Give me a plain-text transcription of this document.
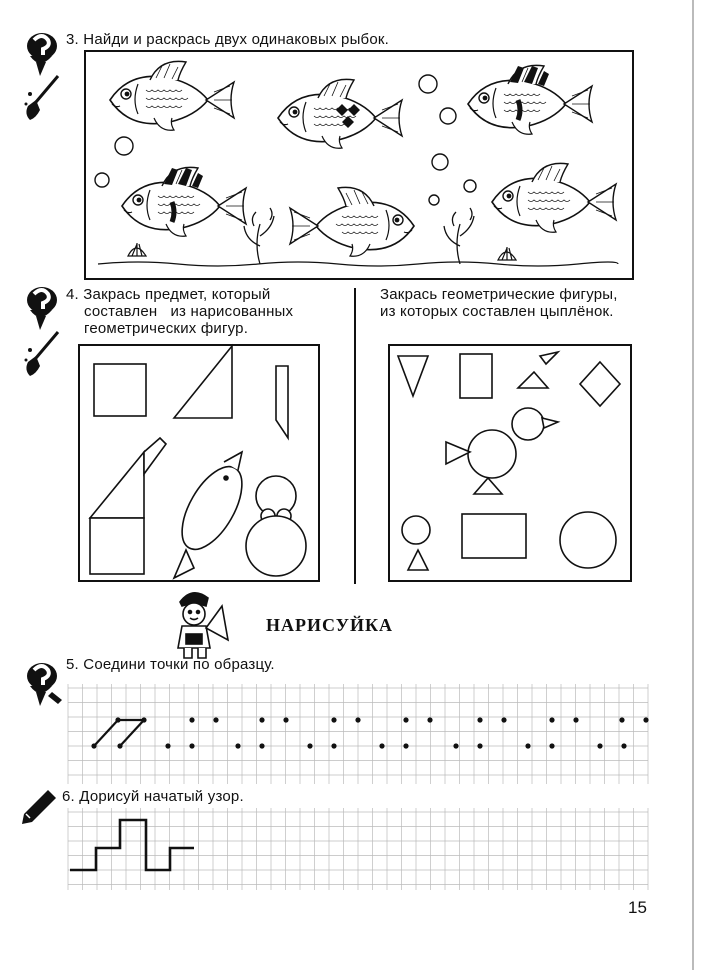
3. Найди и раскрась двух одинаковых рыбок.
4. Закрась предмет, который
составлен   из нарисованных
геометрических фигур.
Закрась геометрические фигуры,
из которых составлен цыплёнок.
НАРИСУЙКА
5. Соедини точки по образцу.
6. Дорисуй начатый узор.
15
